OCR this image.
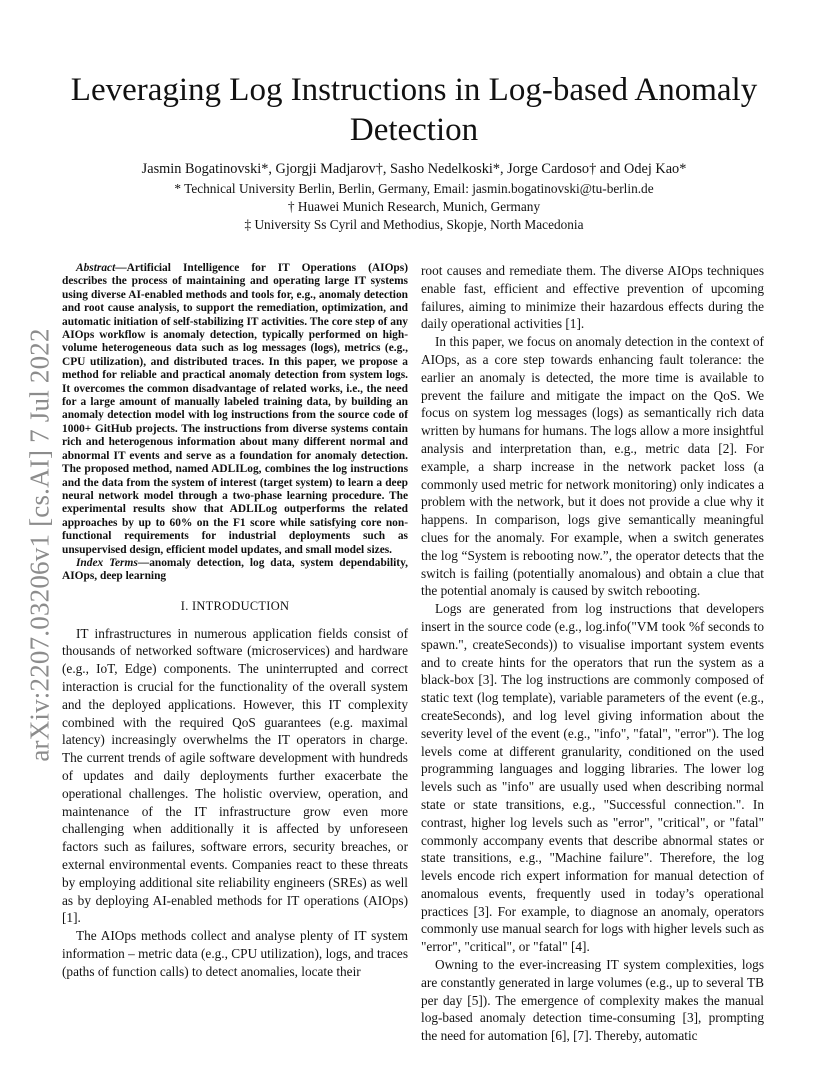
arXiv:2207.03206v1 [cs.AI] 7 Jul 2022
Leveraging Log Instructions in Log-based Anomaly Detection
Jasmin Bogatinovski*, Gjorgji Madjarov†, Sasho Nedelkoski*, Jorge Cardoso† and Odej Kao*
* Technical University Berlin, Berlin, Germany, Email: jasmin.bogatinovski@tu-berlin.de
† Huawei Munich Research, Munich, Germany
‡ University Ss Cyril and Methodius, Skopje, North Macedonia

Abstract—Artificial Intelligence for IT Operations (AIOps) describes the process of maintaining and operating large IT systems using diverse AI-enabled methods and tools for, e.g., anomaly detection and root cause analysis, to support the remediation, optimization, and automatic initiation of self-stabilizing IT activities. The core step of any AIOps workflow is anomaly detection, typically performed on high-volume heterogeneous data such as log messages (logs), metrics (e.g., CPU utilization), and distributed traces. In this paper, we propose a method for reliable and practical anomaly detection from system logs. It overcomes the common disadvantage of related works, i.e., the need for a large amount of manually labeled training data, by building an anomaly detection model with log instructions from the source code of 1000+ GitHub projects. The instructions from diverse systems contain rich and heterogenous information about many different normal and abnormal IT events and serve as a foundation for anomaly detection. The proposed method, named ADLILog, combines the log instructions and the data from the system of interest (target system) to learn a deep neural network model through a two-phase learning procedure. The experimental results show that ADLILog outperforms the related approaches by up to 60% on the F1 score while satisfying core non-functional requirements for industrial deployments such as unsupervised design, efficient model updates, and small model sizes.

Index Terms—anomaly detection, log data, system dependability, AIOps, deep learning

I. INTRODUCTION

IT infrastructures in numerous application fields consist of thousands of networked software (microservices) and hardware (e.g., IoT, Edge) components. The uninterrupted and correct interaction is crucial for the functionality of the overall system and the deployed applications. However, this IT complexity combined with the required QoS guarantees (e.g. maximal latency) increasingly overwhelms the IT operators in charge. The current trends of agile software development with hundreds of updates and daily deployments further exacerbate the operational challenges. The holistic overview, operation, and maintenance of the IT infrastructure grow even more challenging when additionally it is affected by unforeseen factors such as failures, software errors, security breaches, or external environmental events. Companies react to these threats by employing additional site reliability engineers (SREs) as well as by deploying AI-enabled methods for IT operations (AIOps) [1].

The AIOps methods collect and analyse plenty of IT system information – metric data (e.g., CPU utilization), logs, and traces (paths of function calls) to detect anomalies, locate their

root causes and remediate them. The diverse AIOps techniques enable fast, efficient and effective prevention of upcoming failures, aiming to minimize their hazardous effects during the daily operational activities [1].

In this paper, we focus on anomaly detection in the context of AIOps, as a core step towards enhancing fault tolerance: the earlier an anomaly is detected, the more time is available to prevent the failure and mitigate the impact on the QoS. We focus on system log messages (logs) as semantically rich data written by humans for humans. The logs allow a more insightful analysis and interpretation than, e.g., metric data [2]. For example, a sharp increase in the network packet loss (a commonly used metric for network monitoring) only indicates a problem with the network, but it does not provide a clue why it happens. In comparison, logs give semantically meaningful clues for the anomaly. For example, when a switch generates the log “System is rebooting now.”, the operator detects that the switch is failing (potentially anomalous) and obtain a clue that the potential anomaly is caused by switch rebooting.

Logs are generated from log instructions that developers insert in the source code (e.g., log.info("VM took %f seconds to spawn.", createSeconds)) to visualise important system events and to create hints for the operators that run the system as a black-box [3]. The log instructions are commonly composed of static text (log template), variable parameters of the event (e.g., createSeconds), and log level giving information about the severity level of the event (e.g., "info", "fatal", "error"). The log levels come at different granularity, conditioned on the used programming languages and logging libraries. The lower log levels such as "info" are usually used when describing normal state or state transitions, e.g., "Successful connection.". In contrast, higher log levels such as "error", "critical", or "fatal" commonly accompany events that describe abnormal states or state transitions, e.g., "Machine failure". Therefore, the log levels encode rich expert information for manual detection of anomalous events, frequently used in today’s operational practices [3]. For example, to diagnose an anomaly, operators commonly use manual search for logs with higher levels such as "error", "critical", or "fatal" [4].

Owning to the ever-increasing IT system complexities, logs are constantly generated in large volumes (e.g., up to several TB per day [5]). The emergence of complexity makes the manual log-based anomaly detection time-consuming [3], prompting the need for automation [6], [7]. Thereby, automatic
